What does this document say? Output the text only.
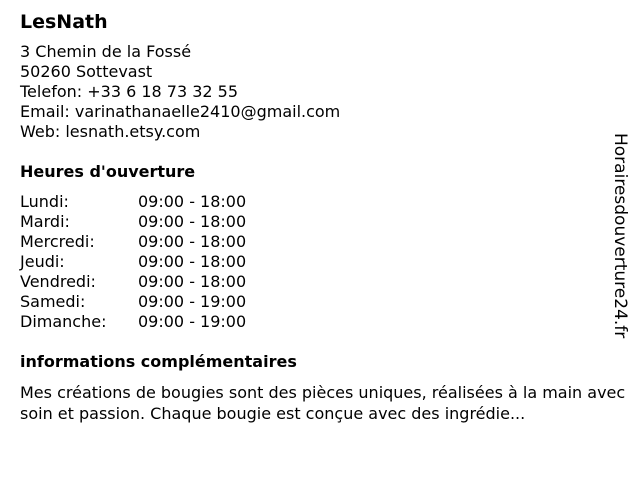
LesNath
3 Chemin de la Fossé
50260 Sottevast
Telefon: +33 6 18 73 32 55
Email: varinathanaelle2410@gmail.com
Web: lesnath.etsy.com
Heures d'ouverture
Lundi:	09:00 - 18:00
Mardi:	09:00 - 18:00
Mercredi:	09:00 - 18:00
Jeudi:	09:00 - 18:00
Vendredi:	09:00 - 18:00
Samedi:	09:00 - 19:00
Dimanche:	09:00 - 19:00
informations complémentaires
Mes créations de bougies sont des pièces uniques, réalisées à la main avec soin et passion. Chaque bougie est conçue avec des ingrédie...
Horairesdouverture24.fr
